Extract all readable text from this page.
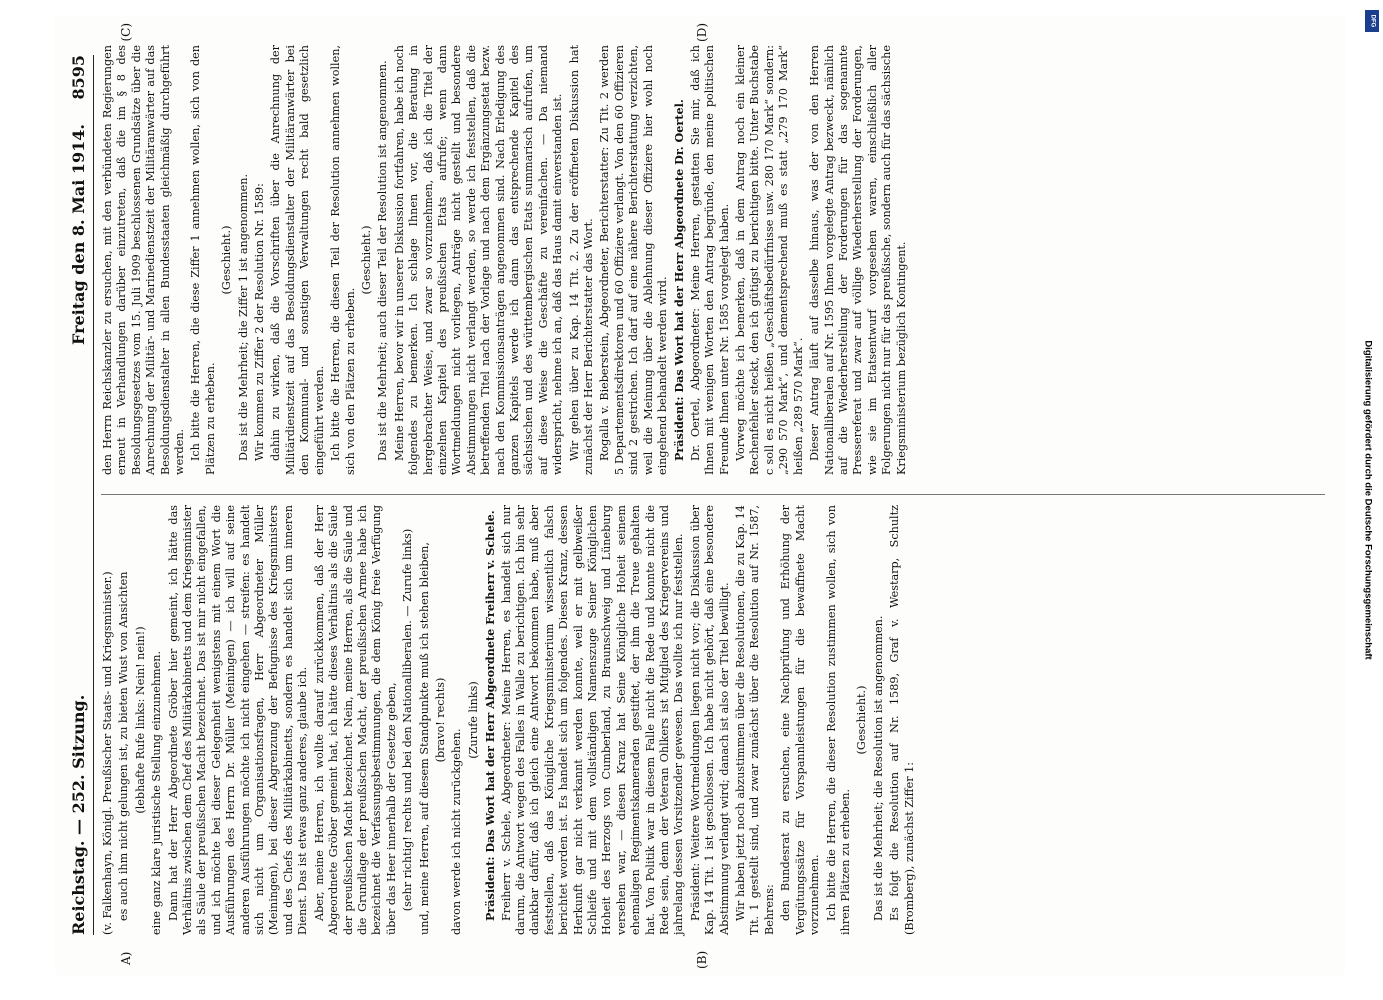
Reichstag. — 252. Sitzung.
Freitag den 8. Mai 1914.
8595
A)	(B)
(C)	(D)

(v. Falkenhayn, Königl. Preußischer Staats- und Kriegsminister.) es auch ihm nicht gelungen ist, zu bieten Wust von Ansichten (lebhafte Rufe links: Nein! nein!) eine ganz klare juristische Stellung einzunehmen. Dann hat der Herr Abgeordnete Gröber hier gemeint, ich hätte das Verhältnis zwischen dem Chef des Militärkabinetts und dem Kriegsminister als Säule der preußischen Macht bezeichnet. Das ist mir nicht eingefallen, und ich möchte bei dieser Gelegenheit wenigstens mit einem Wort die Ausführungen des Herrn Dr. Müller (Meiningen) — ich will auf seine anderen Ausführungen möchte ich nicht eingehen — streifen: es handelt sich nicht um Organisationsfragen, Herr Abgeordneter Müller (Meiningen), bei dieser Abgrenzung der Befugnisse des Kriegsministers und des Chefs des Militärkabinetts, sondern es handelt sich um inneren Dienst. Das ist etwas ganz anderes, glaube ich. Aber, meine Herren, ich wollte darauf zurückkommen, daß der Herr Abgeordnete Gröber gemeint hat, ich hätte dieses Verhältnis als die Säule der preußischen Macht bezeichnet. Nein, meine Herren, als die Säule und die Grundlage der preußischen Macht, der preußischen Armee habe ich bezeichnet die Verfassungsbestimmungen, die dem König freie Verfügung über das Heer innerhalb der Gesetze geben, (sehr richtig! rechts und bei den Nationalliberalen. — Zurufe links) und, meine Herren, auf diesem Standpunkte muß ich stehen bleiben, (bravo! rechts)

davon werde ich nicht zurückgehen.

(Zurufe links) Präsident: Das Wort hat der Herr Abgeordnete Freiherr v. Schele. Freiherr v. Schele, Abgeordneter: Meine Herren, es handelt sich nur darum, die Antwort wegen des Falles in Walle zu berichtigen. Ich bin sehr dankbar dafür, daß ich gleich eine Antwort bekommen habe, muß aber feststellen, daß das Königliche Kriegsministerium wissentlich falsch berichtet worden ist. Es handelt sich um folgendes. Diesen Kranz, dessen Herkunft gar nicht verkannt werden konnte, weil er mit gelbweißer Schleife und mit dem vollständigen Namenszuge Seiner Königlichen Hoheit des Herzogs von Cumberland, zu Braunschweig und Lüneburg versehen war, — diesen Kranz hat Seine Königliche Hoheit seinem ehemaligen Regimentskameraden gestiftet, der ihm die Treue gehalten hat. Von Politik war in diesem Falle nicht die Rede und konnte nicht die Rede sein, denn der Veteran Ohlkers ist Mitglied des Kriegervereins und jahrelang dessen Vorsitzender gewesen. Das wollte ich nur feststellen. Präsident: Weitere Wortmeldungen liegen nicht vor; die Diskussion über Kap. 14 Tit. 1 ist geschlossen. Ich habe nicht gehört, daß eine besondere Abstimmung verlangt wird; danach ist also der Titel bewilligt. Wir haben jetzt noch abzustimmen über die Resolutionen, die zu Kap. 14 Tit. 1 gestellt sind, und zwar zunächst über die Resolution auf Nr. 1587, Behrens: den Bundesrat zu ersuchen, eine Nachprüfung und Erhöhung der Vergütungssätze für Vorspannleistungen für die bewaffnete Macht vorzunehmen. Ich bitte die Herren, die dieser Resolution zustimmen wollen, sich von ihren Plätzen zu erheben.

(Geschieht.) Das ist die Mehrheit; die Resolution ist angenommen. Es folgt die Resolution auf Nr. 1589, Graf v. Westarp, Schultz (Bromberg), zunächst Ziffer 1:

den Herrn Reichskanzler zu ersuchen, mit den verbündeten Regierungen erneut in Verhandlungen darüber einzutreten, daß die im § 8 des Besoldungsgesetzes vom 15. Juli 1909 beschlossenen Grundsätze über die Anrechnung der Militär- und Marinedienstzeit der Militäranwärter auf das Besoldungsdienstalter in allen Bundesstaaten gleichmäßig durchgeführt werden. Ich bitte die Herren, die diese Ziffer 1 annehmen wollen, sich von den Plätzen zu erheben.

(Geschieht.) Das ist die Mehrheit; die Ziffer 1 ist angenommen. Wir kommen zu Ziffer 2 der Resolution Nr. 1589: dahin zu wirken, daß die Vorschriften über die Anrechnung der Militärdienstzeit auf das Besoldungsdienstalter der Militäranwärter bei den Kommunal- und sonstigen Verwaltungen recht bald gesetzlich eingeführt werden. Ich bitte die Herren, die diesen Teil der Resolution annehmen wollen, sich von den Plätzen zu erheben.

(Geschieht.) Das ist die Mehrheit; auch dieser Teil der Resolution ist angenommen. Meine Herren, bevor wir in unserer Diskussion fortfahren, habe ich noch folgendes zu bemerken. Ich schlage Ihnen vor, die Beratung in hergebrachter Weise, und zwar so vorzunehmen, daß ich die Titel der einzelnen Kapitel des preußischen Etats aufrufe; wenn dann Wortmeldungen nicht vorliegen, Anträge nicht gestellt und besondere Abstimmungen nicht verlangt werden, so werde ich feststellen, daß die betreffenden Titel nach der Vorlage und nach dem Ergänzungsetat bezw. nach den Kommissionsanträgen angenommen sind. Nach Erledigung des ganzen Kapitels werde ich dann das entsprechende Kapitel des sächsischen und des württembergischen Etats summarisch aufrufen, um auf diese Weise die Geschäfte zu vereinfachen. — Da niemand widerspricht, nehme ich an, daß das Haus damit einverstanden ist. Wir gehen über zu Kap. 14 Tit. 2. Zu der eröffneten Diskussion hat zunächst der Herr Berichterstatter das Wort. Rogalla v. Bieberstein, Abgeordneter, Berichterstatter: Zu Tit. 2 werden 5 Departementsdirektoren und 60 Offiziere verlangt. Von den 60 Offizieren sind 2 gestrichen. Ich darf auf eine nähere Berichterstattung verzichten, weil die Meinung über die Ablehnung dieser Offiziere hier wohl noch eingehend behandelt werden wird. Präsident: Das Wort hat der Herr Abgeordnete Dr. Oertel. Dr. Oertel, Abgeordneter: Meine Herren, gestatten Sie mir, daß ich Ihnen mit wenigen Worten den Antrag begründe, den meine politischen Freunde Ihnen unter Nr. 1585 vorgelegt haben. Vorweg möchte ich bemerken, daß in dem Antrag noch ein kleiner Rechenfehler steckt, den ich gütigst zu berichtigen bitte. Unter Buchstabe c soll es nicht heißen „Geschäftsbedürfnisse usw. 280 170 Mark“ sondern: „290 570 Mark“, und dementsprechend muß es statt „279 170 Mark“ heißen „289 570 Mark“. Dieser Antrag läuft auf dasselbe hinaus, was der von den Herren Nationalliberalen auf Nr. 1595 Ihnen vorgelegte Antrag bezweckt, nämlich auf die Wiederherstellung der Forderungen für das sogenannte Pressereferat und zwar auf völlige Wiederherstellung der Forderungen, wie sie im Etatsentwurf vorgesehen waren, einschließlich aller Folgerungen nicht nur für das preußische, sondern auch für das sächsische Kriegsministerium bezüglich Kontingent.

DFG
Digitalisierung gefördert durch die Deutsche Forschungsgemeinschaft
